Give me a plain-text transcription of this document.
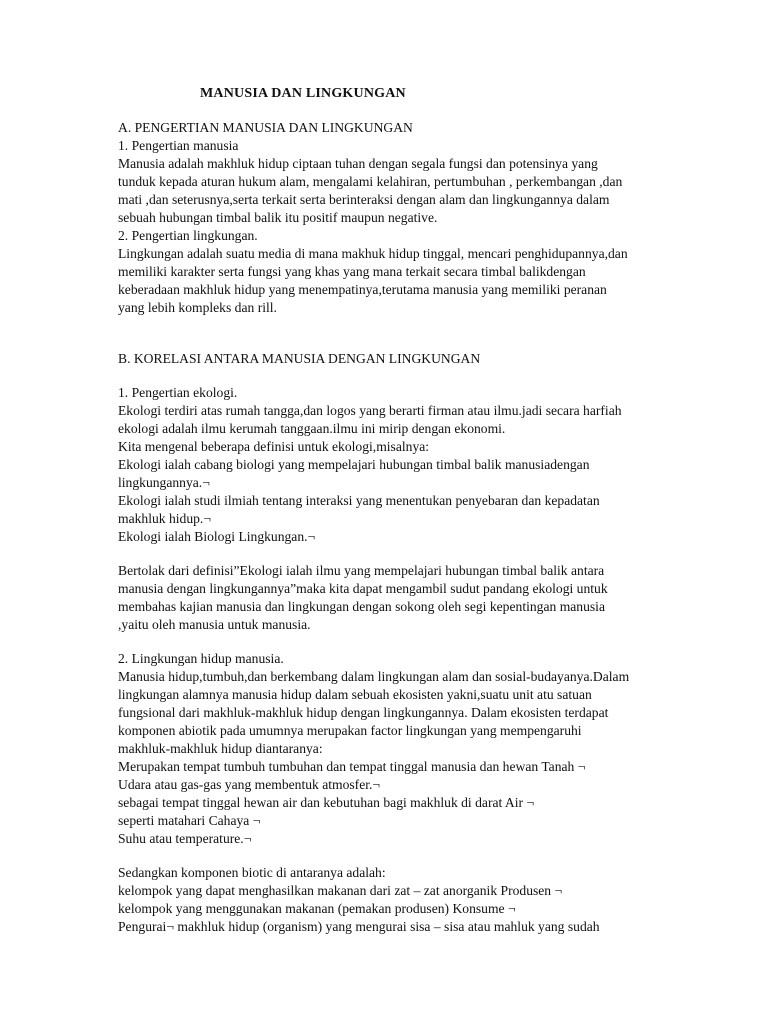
MANUSIA DAN LINGKUNGAN
A. PENGERTIAN MANUSIA DAN LINGKUNGAN
1. Pengertian manusia
Manusia adalah makhluk hidup ciptaan tuhan dengan segala fungsi dan potensinya yang
tunduk kepada aturan hukum alam, mengalami kelahiran, pertumbuhan , perkembangan ,dan
mati ,dan seterusnya,serta terkait serta berinteraksi dengan alam dan lingkungannya dalam
sebuah hubungan timbal balik itu positif maupun negative.
2. Pengertian lingkungan.
Lingkungan adalah suatu media di mana makhuk hidup tinggal, mencari penghidupannya,dan
memiliki karakter serta fungsi yang khas yang mana terkait secara timbal balikdengan
keberadaan makhluk hidup yang menempatinya,terutama manusia yang memiliki peranan
yang lebih kompleks dan rill.
B. KORELASI ANTARA MANUSIA DENGAN LINGKUNGAN
1. Pengertian ekologi.
Ekologi terdiri atas rumah tangga,dan logos yang berarti firman atau ilmu.jadi secara harfiah
ekologi adalah ilmu kerumah tanggaan.ilmu ini mirip dengan ekonomi.
Kita mengenal beberapa definisi untuk ekologi,misalnya:
Ekologi ialah cabang biologi yang mempelajari hubungan timbal balik manusiadengan
lingkungannya.¬
Ekologi ialah studi ilmiah tentang interaksi yang menentukan penyebaran dan kepadatan
makhluk hidup.¬
Ekologi ialah Biologi Lingkungan.¬
Bertolak dari definisi”Ekologi ialah ilmu yang mempelajari hubungan timbal balik antara
manusia dengan lingkungannya”maka kita dapat mengambil sudut pandang ekologi untuk
membahas kajian manusia dan lingkungan dengan sokong oleh segi kepentingan manusia
,yaitu oleh manusia untuk manusia.
2. Lingkungan hidup manusia.
Manusia hidup,tumbuh,dan berkembang dalam lingkungan alam dan sosial-budayanya.Dalam
lingkungan alamnya manusia hidup dalam sebuah ekosisten yakni,suatu unit atu satuan
fungsional dari makhluk-makhluk hidup dengan lingkungannya. Dalam ekosisten terdapat
komponen abiotik pada umumnya merupakan factor lingkungan yang mempengaruhi
makhluk-makhluk hidup diantaranya:
Merupakan tempat tumbuh tumbuhan dan tempat tinggal manusia dan hewan Tanah ¬
Udara atau gas-gas yang membentuk atmosfer.¬
sebagai tempat tinggal hewan air dan kebutuhan bagi makhluk di darat Air ¬
seperti matahari Cahaya ¬
Suhu atau temperature.¬
Sedangkan komponen biotic di antaranya adalah:
kelompok yang dapat menghasilkan makanan dari zat – zat anorganik Produsen ¬
kelompok yang menggunakan makanan (pemakan produsen) Konsume ¬
Pengurai¬ makhluk hidup (organism) yang mengurai sisa – sisa atau mahluk yang sudah
